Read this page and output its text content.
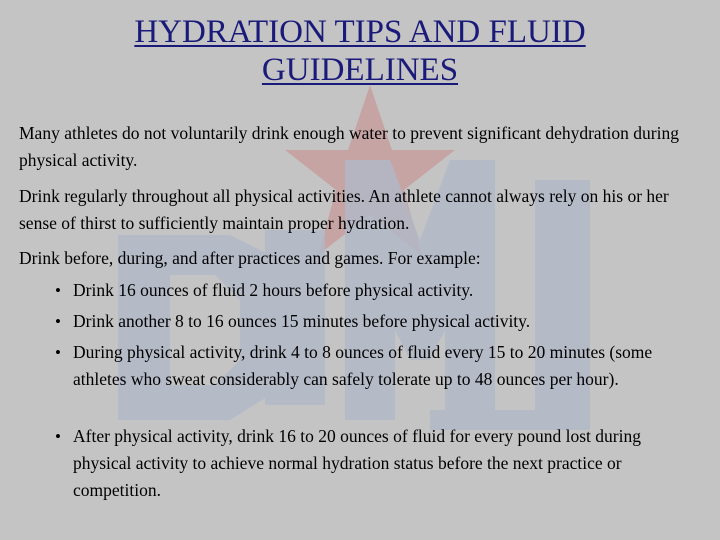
HYDRATION TIPS AND FLUID GUIDELINES

Many athletes do not voluntarily drink enough water to prevent significant dehydration during physical activity.

Drink regularly throughout all physical activities. An athlete cannot always rely on his or her sense of thirst to sufficiently maintain proper hydration.

Drink before, during, and after practices and games. For example:

• Drink 16 ounces of fluid 2 hours before physical activity.
• Drink another 8 to 16 ounces 15 minutes before physical activity.
• During physical activity, drink 4 to 8 ounces of fluid every 15 to 20 minutes (some athletes who sweat considerably can safely tolerate up to 48 ounces per hour).
• After physical activity, drink 16 to 20 ounces of fluid for every pound lost during physical activity to achieve normal hydration status before the next practice or competition.
